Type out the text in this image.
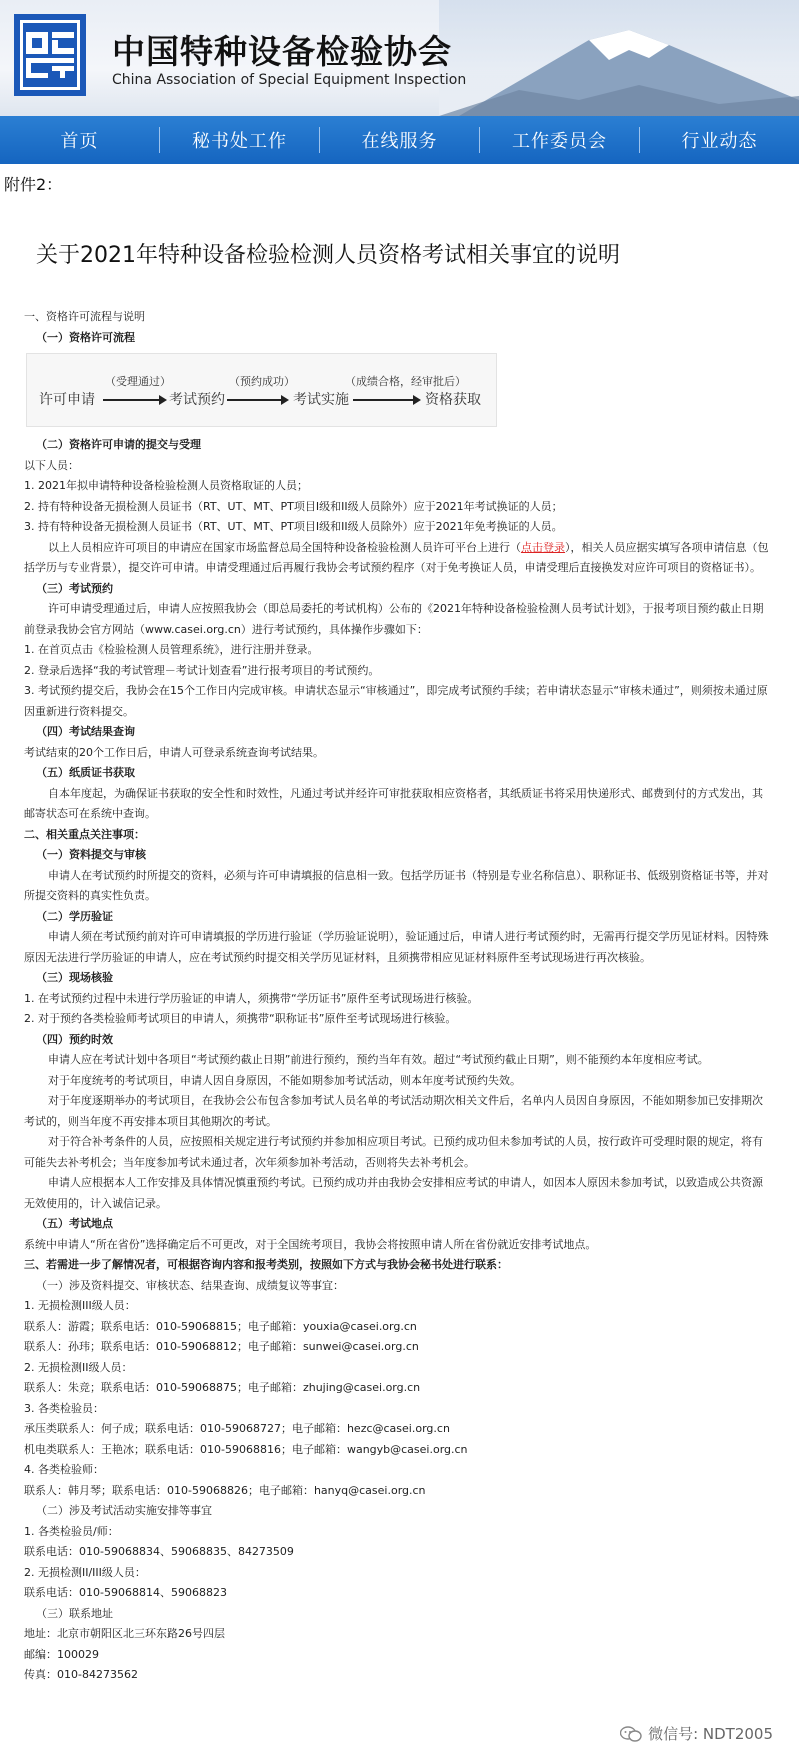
中国特种设备检验协会
China Association of Special Equipment Inspection
首页	秘书处工作	在线服务	工作委员会	行业动态
附件2：
关于2021年特种设备检验检测人员资格考试相关事宜的说明

一、资格许可流程与说明

（一）资格许可流程

许可申请
（受理通过）
考试预约
（预约成功）
考试实施
（成绩合格，经审批后）
资格获取

（二）资格许可申请的提交与受理

以下人员：

1. 2021年拟申请特种设备检验检测人员资格取证的人员；

2. 持有特种设备无损检测人员证书（RT、UT、MT、PT项目I级和II级人员除外）应于2021年考试换证的人员；

3. 持有特种设备无损检测人员证书（RT、UT、MT、PT项目I级和II级人员除外）应于2021年免考换证的人员。

以上人员相应许可项目的申请应在国家市场监督总局全国特种设备检验检测人员许可平台上进行（点击登录），相关人员应据实填写各项申请信息（包括学历与专业背景），提交许可申请。申请受理通过后再履行我协会考试预约程序（对于免考换证人员，申请受理后直接换发对应许可项目的资格证书）。

（三）考试预约

许可申请受理通过后，申请人应按照我协会（即总局委托的考试机构）公布的《2021年特种设备检验检测人员考试计划》，于报考项目预约截止日期前登录我协会官方网站（www.casei.org.cn）进行考试预约，具体操作步骤如下：

1. 在首页点击《检验检测人员管理系统》，进行注册并登录。

2. 登录后选择“我的考试管理－考试计划查看”进行报考项目的考试预约。

3. 考试预约提交后，我协会在15个工作日内完成审核。申请状态显示“审核通过”，即完成考试预约手续；若申请状态显示“审核未通过”，则须按未通过原因重新进行资料提交。

（四）考试结果查询

考试结束的20个工作日后，申请人可登录系统查询考试结果。

（五）纸质证书获取

自本年度起，为确保证书获取的安全性和时效性，凡通过考试并经许可审批获取相应资格者，其纸质证书将采用快递形式、邮费到付的方式发出，其邮寄状态可在系统中查询。

二、相关重点关注事项：

（一）资料提交与审核

申请人在考试预约时所提交的资料，必须与许可申请填报的信息相一致。包括学历证书（特别是专业名称信息）、职称证书、低级别资格证书等，并对所提交资料的真实性负责。

（二）学历验证

申请人须在考试预约前对许可申请填报的学历进行验证（学历验证说明），验证通过后，申请人进行考试预约时，无需再行提交学历见证材料。因特殊原因无法进行学历验证的申请人，应在考试预约时提交相关学历见证材料，且须携带相应见证材料原件至考试现场进行再次核验。

（三）现场核验

1. 在考试预约过程中未进行学历验证的申请人，须携带“学历证书”原件至考试现场进行核验。

2. 对于预约各类检验师考试项目的申请人，须携带“职称证书”原件至考试现场进行核验。

（四）预约时效

申请人应在考试计划中各项目“考试预约截止日期”前进行预约，预约当年有效。超过“考试预约截止日期”，则不能预约本年度相应考试。

对于年度统考的考试项目，申请人因自身原因，不能如期参加考试活动，则本年度考试预约失效。

对于年度逐期举办的考试项目，在我协会公布包含参加考试人员名单的考试活动期次相关文件后，名单内人员因自身原因，不能如期参加已安排期次考试的，则当年度不再安排本项目其他期次的考试。

对于符合补考条件的人员，应按照相关规定进行考试预约并参加相应项目考试。已预约成功但未参加考试的人员，按行政许可受理时限的规定，将有可能失去补考机会；当年度参加考试未通过者，次年须参加补考活动，否则将失去补考机会。

申请人应根据本人工作安排及具体情况慎重预约考试。已预约成功并由我协会安排相应考试的申请人，如因本人原因未参加考试，以致造成公共资源无效使用的，计入诚信记录。

（五）考试地点

系统中申请人“所在省份”选择确定后不可更改，对于全国统考项目，我协会将按照申请人所在省份就近安排考试地点。

三、若需进一步了解情况者，可根据咨询内容和报考类别，按照如下方式与我协会秘书处进行联系：

（一）涉及资料提交、审核状态、结果查询、成绩复议等事宜：

1. 无损检测III级人员：

联系人：游霞；联系电话：010-59068815；电子邮箱：youxia@casei.org.cn

联系人：孙玮；联系电话：010-59068812；电子邮箱：sunwei@casei.org.cn

2. 无损检测II级人员：

联系人：朱竞；联系电话：010-59068875；电子邮箱：zhujing@casei.org.cn

3. 各类检验员：

承压类联系人：何子成；联系电话：010-59068727；电子邮箱：hezc@casei.org.cn

机电类联系人：王艳冰；联系电话：010-59068816；电子邮箱：wangyb@casei.org.cn

4. 各类检验师：

联系人：韩月琴；联系电话：010-59068826；电子邮箱：hanyq@casei.org.cn

（二）涉及考试活动实施安排等事宜

1. 各类检验员/师：

联系电话：010-59068834、59068835、84273509

2. 无损检测II/III级人员：

联系电话：010-59068814、59068823

（三）联系地址

地址：北京市朝阳区北三环东路26号四层

邮编：100029

传真：010-84273562

微信号: NDT2005
